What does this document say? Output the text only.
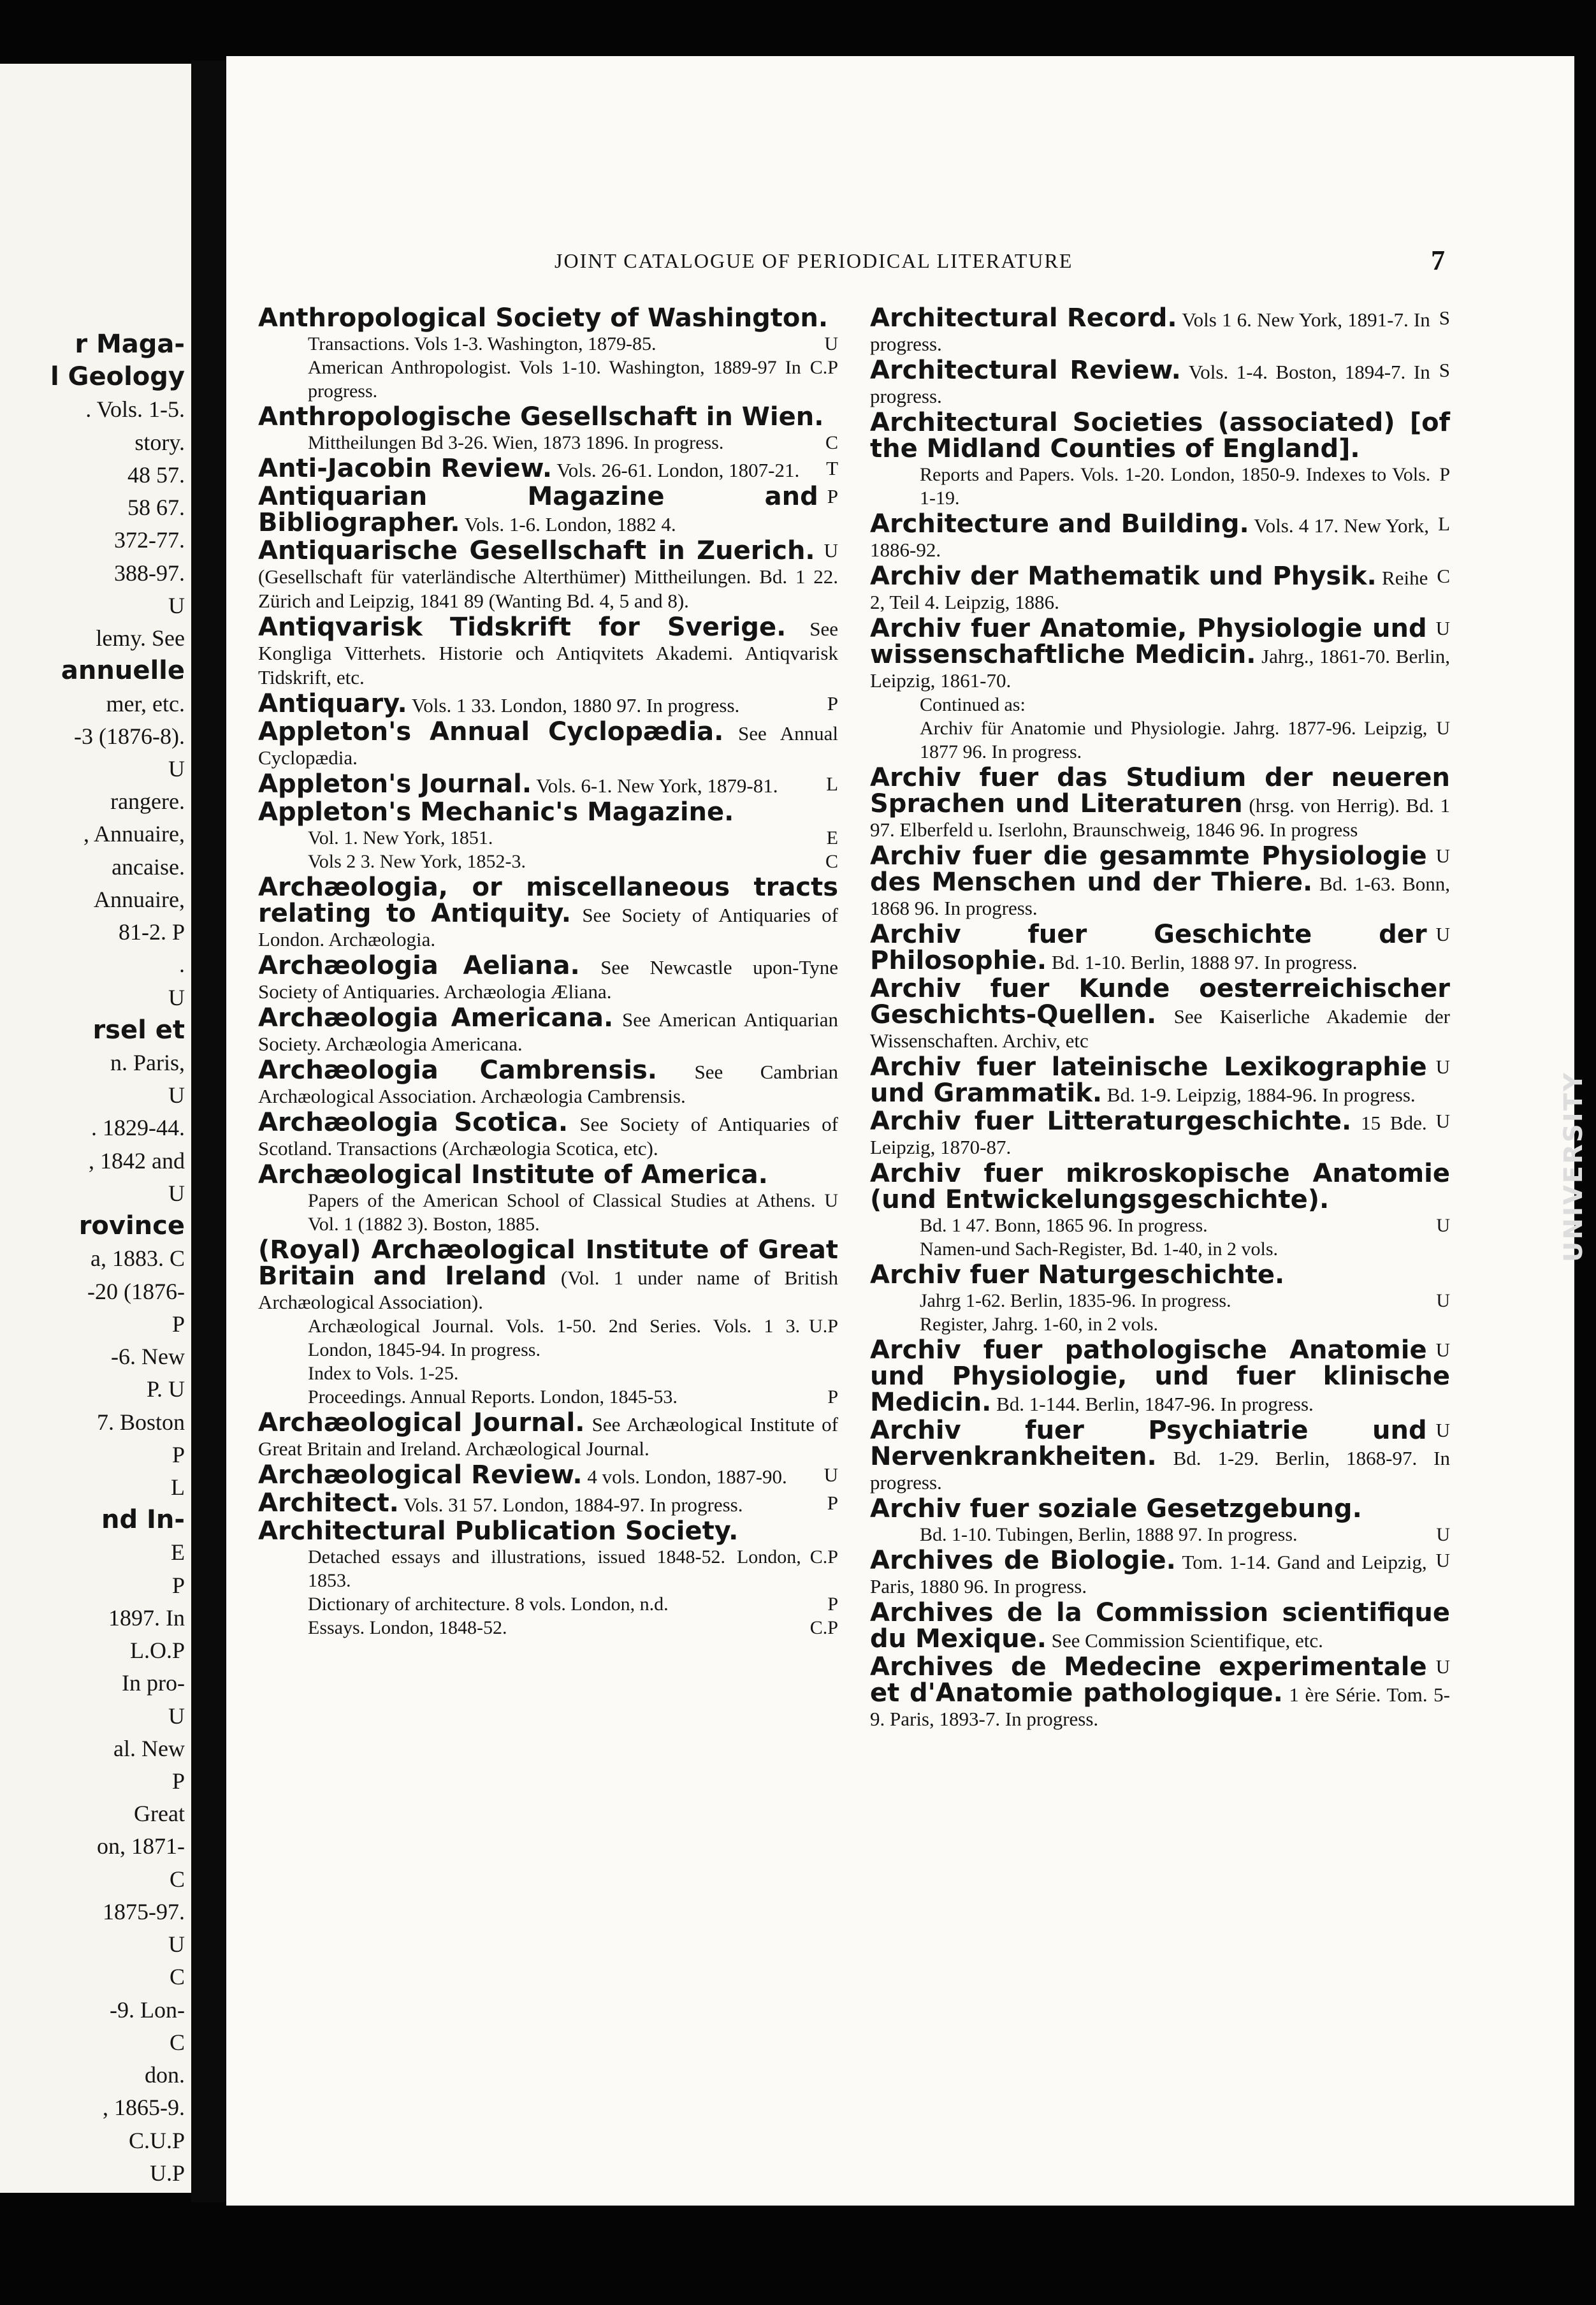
r Maga-
l Geology
. Vols. 1-5.
story.
48 57.
58 67.
372-77.
388-97.
U
lemy. See
annuelle
mer, etc.
-3 (1876-8).
U
rangere.
, Annuaire,
ancaise.
Annuaire,
81-2. P
.
U
rsel et
n. Paris,
U
. 1829-44.
, 1842 and
U
rovince
a, 1883. C
-20 (1876-
P
-6. New
P. U
7. Boston
P
L
nd In-
E
P
1897. In
L.O.P
In pro-
U
al. New
P
Great
on, 1871-
C
1875-97.
U
C
-9. Lon-
C
don.
, 1865-9.
C.U.P
U.P
JOINT CATALOGUE OF PERIODICAL LITERATURE	7
Anthropological Society of Washington.
U
Transactions. Vols 1-3. Washington, 1879-85.
C.P
American Anthropologist. Vols 1-10. Washington, 1889-97 In progress.
Anthropologische Gesellschaft in Wien.
C
Mittheilungen Bd 3-26. Wien, 1873 1896. In progress.
T
Anti-Jacobin Review. Vols. 26-61. London, 1807-21.
P
Antiquarian Magazine and Bibliographer. Vols. 1-6. London, 1882 4.
U
Antiquarische Gesellschaft in Zuerich. (Gesellschaft für vaterländische Alterthümer) Mittheilungen. Bd. 1 22. Zürich and Leipzig, 1841 89 (Wanting Bd. 4, 5 and 8).
Antiqvarisk Tidskrift for Sverige. See Kongliga Vitterhets. Historie och Antiqvitets Akademi. Antiqvarisk Tidskrift, etc.
P
Antiquary. Vols. 1 33. London, 1880 97. In progress.
Appleton's Annual Cyclopædia. See Annual Cyclopædia.
L
Appleton's Journal. Vols. 6-1. New York, 1879-81.
Appleton's Mechanic's Magazine.
E
Vol. 1. New York, 1851.
C
Vols 2 3. New York, 1852-3.
Archæologia, or miscellaneous tracts relating to Antiquity. See Society of Antiquaries of London. Archæologia.
Archæologia Aeliana. See Newcastle upon-Tyne Society of Antiquaries. Archæologia Æliana.
Archæologia Americana. See American Antiquarian Society. Archæologia Americana.
Archæologia Cambrensis. See Cambrian Archæological Association. Archæologia Cambrensis.
Archæologia Scotica. See Society of Antiquaries of Scotland. Transactions (Archæologia Scotica, etc).
Archæological Institute of America.
U
Papers of the American School of Classical Studies at Athens. Vol. 1 (1882 3). Boston, 1885.
(Royal) Archæological Institute of Great Britain and Ireland (Vol. 1 under name of British Archæological Association).
U.P
Archæological Journal. Vols. 1-50. 2nd Series. Vols. 1 3. London, 1845-94. In progress.
Index to Vols. 1-25.
P
Proceedings. Annual Reports. London, 1845-53.
Archæological Journal. See Archæological Institute of Great Britain and Ireland. Archæological Journal.
U
Archæological Review. 4 vols. London, 1887-90.
P
Architect. Vols. 31 57. London, 1884-97. In progress.
Architectural Publication Society.
C.P
Detached essays and illustrations, issued 1848-52. London, 1853.
P
Dictionary of architecture. 8 vols. London, n.d.
C.P
Essays. London, 1848-52.
S
Architectural Record. Vols 1 6. New York, 1891-7. In progress.
S
Architectural Review. Vols. 1-4. Boston, 1894-7. In progress.
Architectural Societies (associated) [of the Midland Counties of England].
P
Reports and Papers. Vols. 1-20. London, 1850-9. Indexes to Vols. 1-19.
L
Architecture and Building. Vols. 4 17. New York, 1886-92.
C
Archiv der Mathematik und Physik. Reihe 2, Teil 4. Leipzig, 1886.
U
Archiv fuer Anatomie, Physiologie und wissenschaftliche Medicin. Jahrg., 1861-70. Berlin, Leipzig, 1861-70.
Continued as:
U
Archiv für Anatomie und Physiologie. Jahrg. 1877-96. Leipzig, 1877 96. In progress.
Archiv fuer das Studium der neueren Sprachen und Literaturen (hrsg. von Herrig). Bd. 1 97. Elberfeld u. Iserlohn, Braunschweig, 1846 96. In progress
U
Archiv fuer die gesammte Physiologie des Menschen und der Thiere. Bd. 1-63. Bonn, 1868 96. In progress.
U
Archiv fuer Geschichte der Philosophie. Bd. 1-10. Berlin, 1888 97. In progress.
Archiv fuer Kunde oesterreichischer Geschichts-Quellen. See Kaiserliche Akademie der Wissenschaften. Archiv, etc
U
Archiv fuer lateinische Lexikographie und Grammatik. Bd. 1-9. Leipzig, 1884-96. In progress.
U
Archiv fuer Litteraturgeschichte. 15 Bde. Leipzig, 1870-87.
Archiv fuer mikroskopische Anatomie (und Entwickelungsgeschichte).
U
Bd. 1 47. Bonn, 1865 96. In progress.
Namen-und Sach-Register, Bd. 1-40, in 2 vols.
Archiv fuer Naturgeschichte.
U
Jahrg 1-62. Berlin, 1835-96. In progress.
Register, Jahrg. 1-60, in 2 vols.
U
Archiv fuer pathologische Anatomie und Physiologie, und fuer klinische Medicin. Bd. 1-144. Berlin, 1847-96. In progress.
U
Archiv fuer Psychiatrie und Nervenkrankheiten. Bd. 1-29. Berlin, 1868-97. In progress.
Archiv fuer soziale Gesetzgebung.
U
Bd. 1-10. Tubingen, Berlin, 1888 97. In progress.
U
Archives de Biologie. Tom. 1-14. Gand and Leipzig, Paris, 1880 96. In progress.
Archives de la Commission scientifique du Mexique. See Commission Scientifique, etc.
U
Archives de Medecine experimentale et d'Anatomie pathologique. 1 ère Série. Tom. 5-9. Paris, 1893-7. In progress.
UNIVERSITY
